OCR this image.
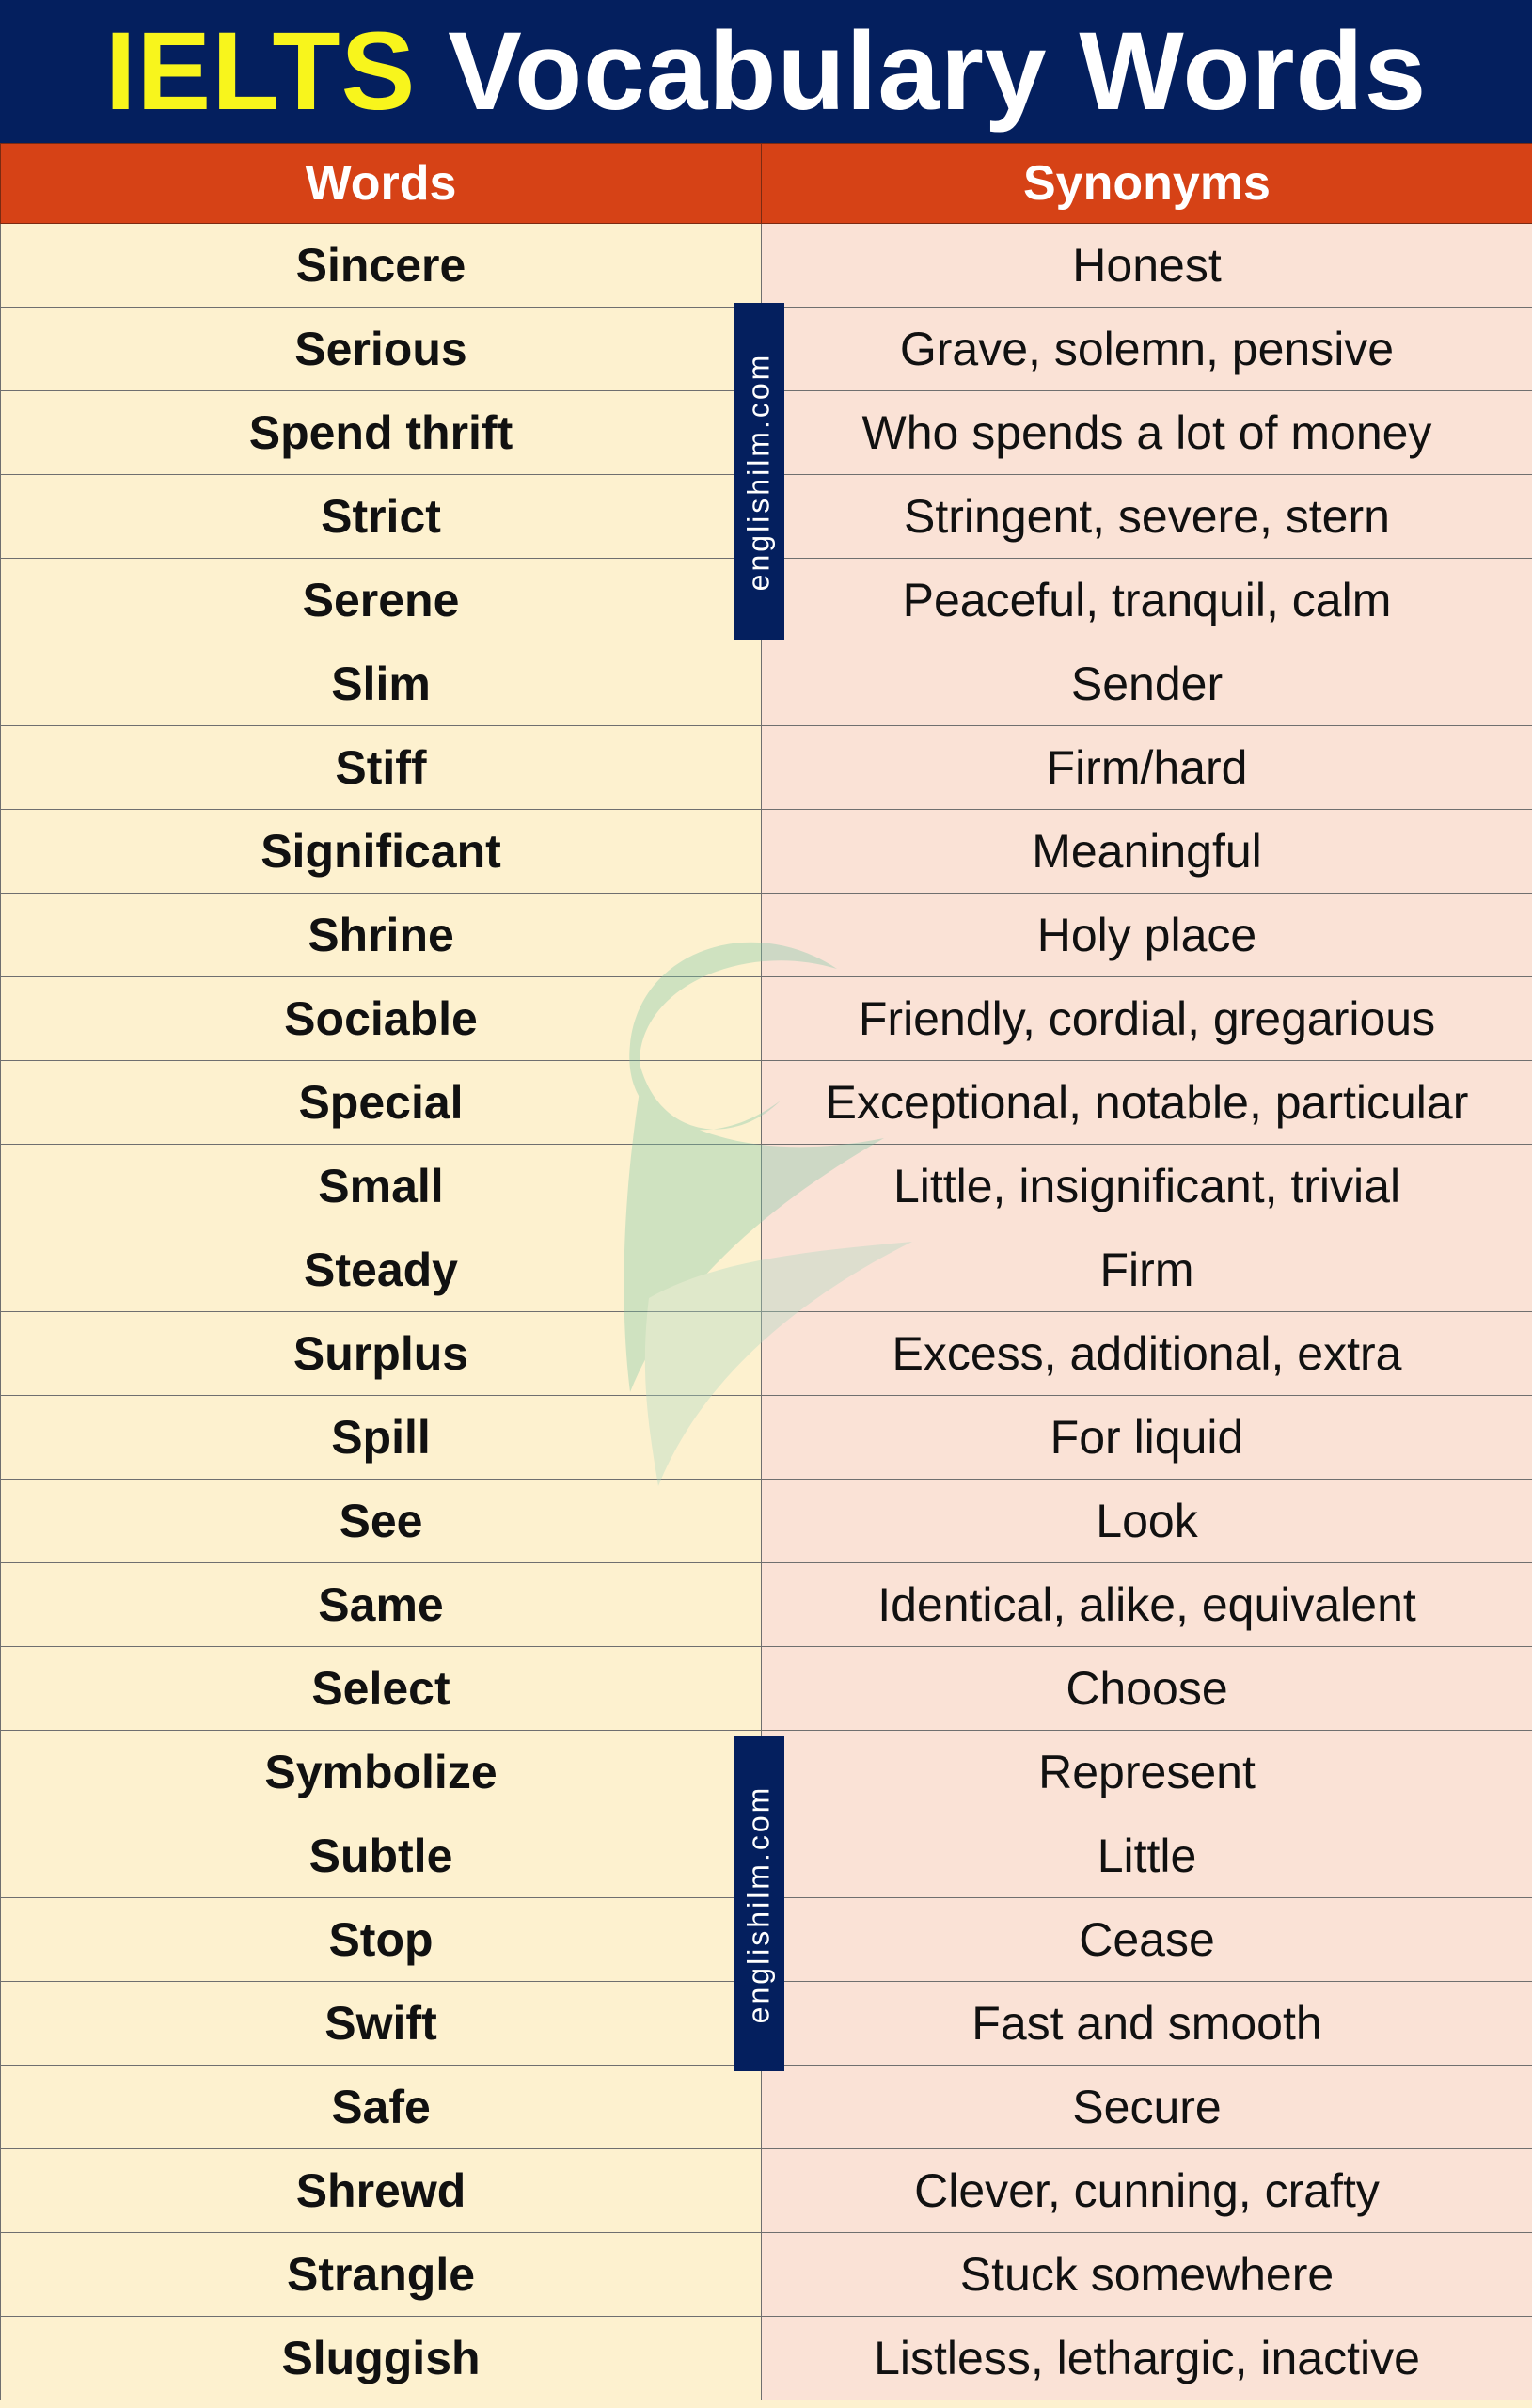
IELTS Vocabulary Words
Words	Synonyms
Sincere	Honest
Serious	Grave, solemn, pensive
Spend thrift	Who spends a lot of money
Strict	Stringent, severe, stern
Serene	Peaceful, tranquil, calm
Slim	Sender
Stiff	Firm/hard
Significant	Meaningful
Shrine	Holy place
Sociable	Friendly, cordial, gregarious
Special	Exceptional, notable, particular
Small	Little, insignificant, trivial
Steady	Firm
Surplus	Excess, additional, extra
Spill	For liquid
See	Look
Same	Identical, alike, equivalent
Select	Choose
Symbolize	Represent
Subtle	Little
Stop	Cease
Swift	Fast and smooth
Safe	Secure
Shrewd	Clever, cunning, crafty
Strangle	Stuck somewhere
Sluggish	Listless, lethargic, inactive
englishilm.com
englishilm.com
